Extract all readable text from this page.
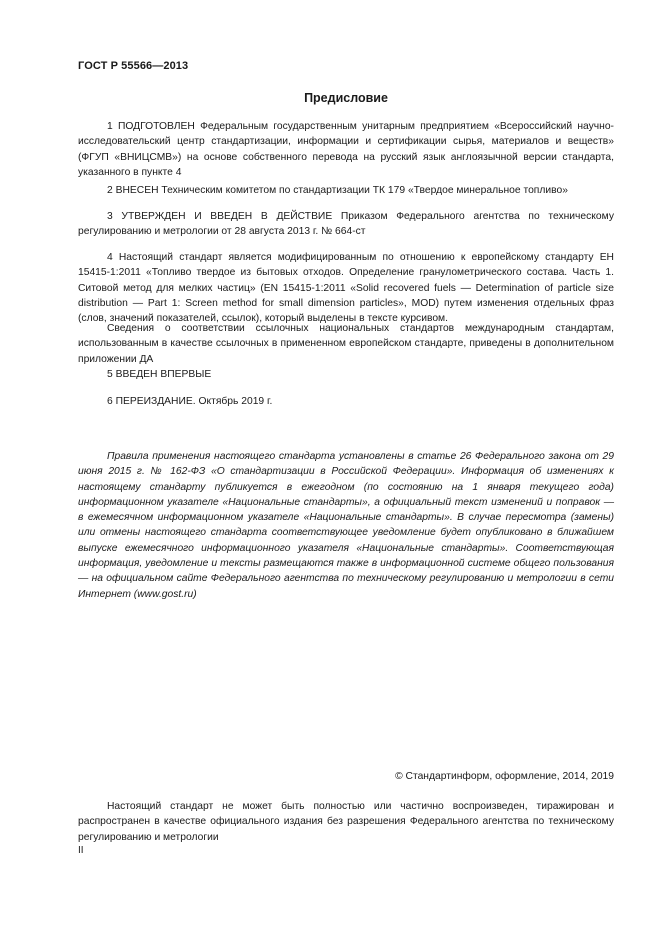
ГОСТ Р 55566—2013
Предисловие

1 ПОДГОТОВЛЕН Федеральным государственным унитарным предприятием «Всероссийский научно-исследовательский центр стандартизации, информации и сертификации сырья, материалов и веществ» (ФГУП «ВНИЦСМВ») на основе собственного перевода на русский язык англоязычной версии стандарта, указанного в пункте 4

2 ВНЕСЕН Техническим комитетом по стандартизации ТК 179 «Твердое минеральное топливо»

3 УТВЕРЖДЕН И ВВЕДЕН В ДЕЙСТВИЕ Приказом Федерального агентства по техническому регулированию и метрологии от 28 августа 2013 г. № 664-ст

4 Настоящий стандарт является модифицированным по отношению к европейскому стандарту ЕН 15415-1:2011 «Топливо твердое из бытовых отходов. Определение гранулометрического состава. Часть 1. Ситовой метод для мелких частиц» (EN 15415-1:2011 «Solid recovered fuels — Determination of particle size distribution — Part 1: Screen method for small dimension particles», MOD) путем изменения отдельных фраз (слов, значений показателей, ссылок), который выделены в тексте курсивом.

Сведения о соответствии ссылочных национальных стандартов международным стандартам, использованным в качестве ссылочных в примененном европейском стандарте, приведены в дополнительном приложении ДА

5 ВВЕДЕН ВПЕРВЫЕ

6 ПЕРЕИЗДАНИЕ. Октябрь 2019 г.

Правила применения настоящего стандарта установлены в статье 26 Федерального закона от 29 июня 2015 г. № 162-ФЗ «О стандартизации в Российской Федерации». Информация об изменениях к настоящему стандарту публикуется в ежегодном (по состоянию на 1 января текущего года) информационном указателе «Национальные стандарты», а официальный текст изменений и поправок — в ежемесячном информационном указателе «Национальные стандарты». В случае пересмотра (замены) или отмены настоящего стандарта соответствующее уведомление будет опубликовано в ближайшем выпуске ежемесячного информационного указателя «Национальные стандарты». Соответствующая информация, уведомление и тексты размещаются также в информационной системе общего пользования — на официальном сайте Федерального агентства по техническому регулированию и метрологии в сети Интернет (www.gost.ru)

© Стандартинформ, оформление, 2014, 2019

Настоящий стандарт не может быть полностью или частично воспроизведен, тиражирован и распространен в качестве официального издания без разрешения Федерального агентства по техническому регулированию и метрологии

II
